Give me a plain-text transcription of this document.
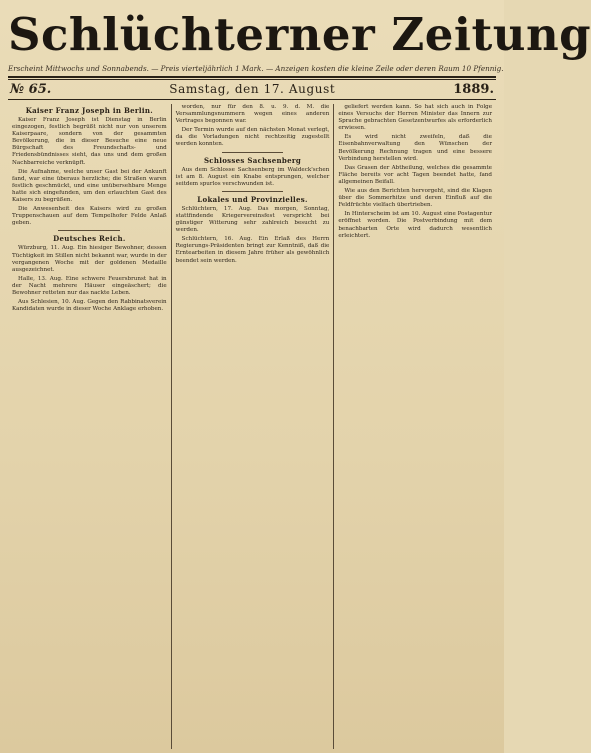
Schlüchterner Zeitung
Erscheint Mittwochs und Sonnabends. — Preis vierteljährlich 1 Mark. — Anzeigen kosten die kleine Zeile oder deren Raum 10 Pfennig.
№ 65.	Samstag, den 17. August	1889.
Kaiser Franz Joseph in Berlin.

Kaiser Franz Joseph ist Dienstag in Berlin eingezogen, festlich begrüßt nicht nur von unserem Kaiserpaare, sondern von der gesammten Bevölkerung, die in dieser Besuche eine neue Bürgschaft des Freundschafts- und Friedensbündnisses sieht, das uns und dem großen Nachbarreiche verknüpft.

Die Aufnahme, welche unser Gast bei der Ankunft fand, war eine überaus herzliche; die Straßen waren festlich geschmückt, und eine unübersehbare Menge hatte sich eingefunden, um den erlauchten Gast des Kaisers zu begrüßen.

Die Anwesenheit des Kaisers wird zu großen Truppenschauen auf dem Tempelhofer Felde Anlaß geben.

Deutsches Reich.

Würzburg, 11. Aug. Ein hiesiger Bewohner, dessen Tüchtigkeit im Stillen nicht bekannt war, wurde in der vergangenen Woche mit der goldenen Medaille ausgezeichnet.

Halle, 13. Aug. Eine schwere Feuersbrunst hat in der Nacht mehrere Häuser eingeäschert; die Bewohner retteten nur das nackte Leben.

Aus Schlesien, 10. Aug. Gegen den Rabbinatsverein Kandidaten wurde in dieser Woche Anklage erhoben.

worden, nur für den 8. u. 9. d. M. die Versammlungsnummern wegen eines anderen Vertrages begonnen war.

Der Termin wurde auf den nächsten Monat verlegt, da die Vorladungen nicht rechtzeitig zugestellt werden konnten.

Schlosses Sachsenberg

Aus dem Schlosse Sachsenberg im Waldeck'schen ist am 8. August ein Knabe entsprungen, welcher seitdem spurlos verschwunden ist.

Lokales und Provinzielles.

Schlüchtern, 17. Aug. Das morgen, Sonntag, stattfindende Kriegervereinsfest verspricht bei günstiger Witterung sehr zahlreich besucht zu werden.

Schlüchtern, 16. Aug. Ein Erlaß des Herrn Regierungs-Präsidenten bringt zur Kenntniß, daß die Erntearbeiten in diesem Jahre früher als gewöhnlich beendet sein werden.

geliefert werden kann. So hat sich auch in Folge eines Versuchs der Herren Minister das Innern zur Sprache gebrachten Gesetzentwurfes als erforderlich erwiesen.

Es wird nicht zweifeln, daß die Eisenbahnverwaltung den Wünschen der Bevölkerung Rechnung tragen und eine bessere Verbindung herstellen wird.

Das Grasen der Abtheilung, welches die gesammte Fläche bereits vor acht Tagen beendet hatte, fand allgemeinen Beifall.

Wie aus den Berichten hervorgeht, sind die Klagen über die Sommerhitze und deren Einfluß auf die Feldfrüchte vielfach übertrieben.

In Hinterscheim ist am 10. August eine Postagentur eröffnet worden. Die Postverbindung mit dem benachbarten Orte wird dadurch wesentlich erleichtert.
